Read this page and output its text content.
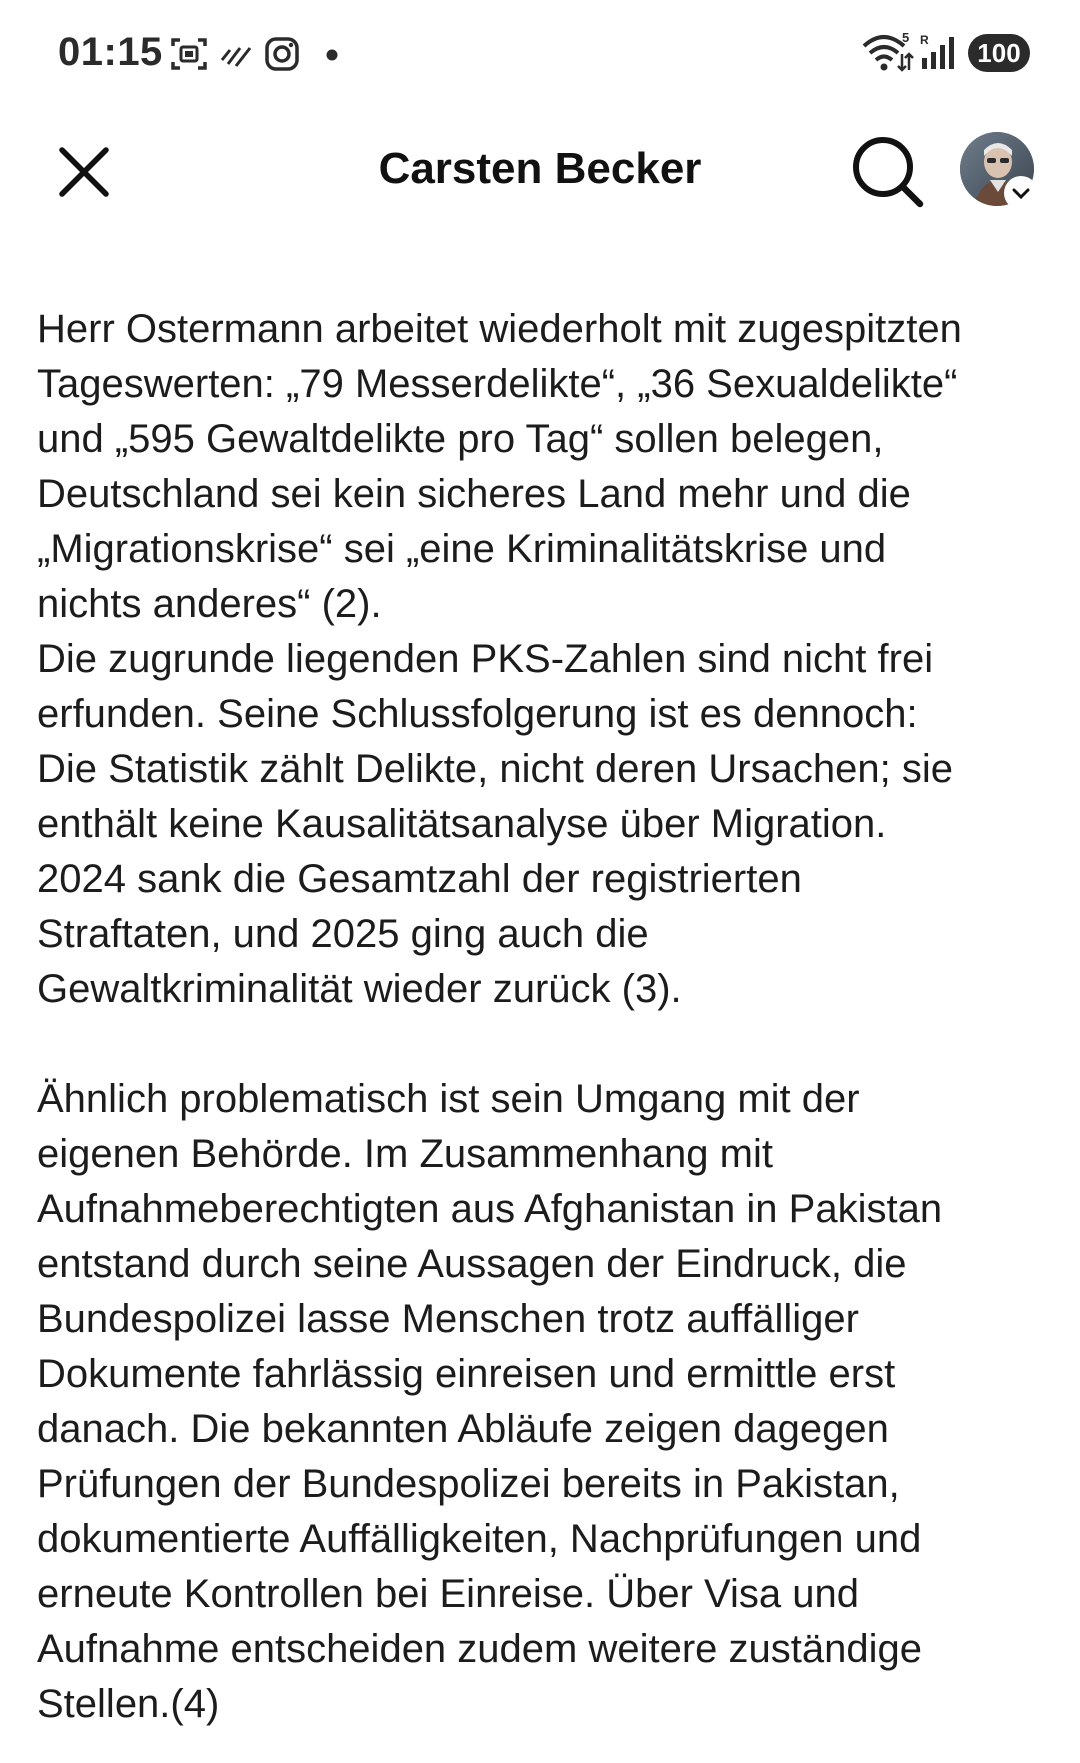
01:15	5 R	100
Carsten Becker

Herr Ostermann arbeitet wiederholt mit zugespitzten
Tageswerten: „79 Messerdelikte“, „36 Sexualdelikte“
und „595 Gewaltdelikte pro Tag“ sollen belegen,
Deutschland sei kein sicheres Land mehr und die
„Migrationskrise“ sei „eine Kriminalitätskrise und
nichts anderes“ (2).
Die zugrunde liegenden PKS-Zahlen sind nicht frei
erfunden. Seine Schlussfolgerung ist es dennoch:
Die Statistik zählt Delikte, nicht deren Ursachen; sie
enthält keine Kausalitätsanalyse über Migration.
2024 sank die Gesamtzahl der registrierten
Straftaten, und 2025 ging auch die
Gewaltkriminalität wieder zurück (3).

Ähnlich problematisch ist sein Umgang mit der
eigenen Behörde. Im Zusammenhang mit
Aufnahmeberechtigten aus Afghanistan in Pakistan
entstand durch seine Aussagen der Eindruck, die
Bundespolizei lasse Menschen trotz auffälliger
Dokumente fahrlässig einreisen und ermittle erst
danach. Die bekannten Abläufe zeigen dagegen
Prüfungen der Bundespolizei bereits in Pakistan,
dokumentierte Auffälligkeiten, Nachprüfungen und
erneute Kontrollen bei Einreise. Über Visa und
Aufnahme entscheiden zudem weitere zuständige
Stellen.(4)
